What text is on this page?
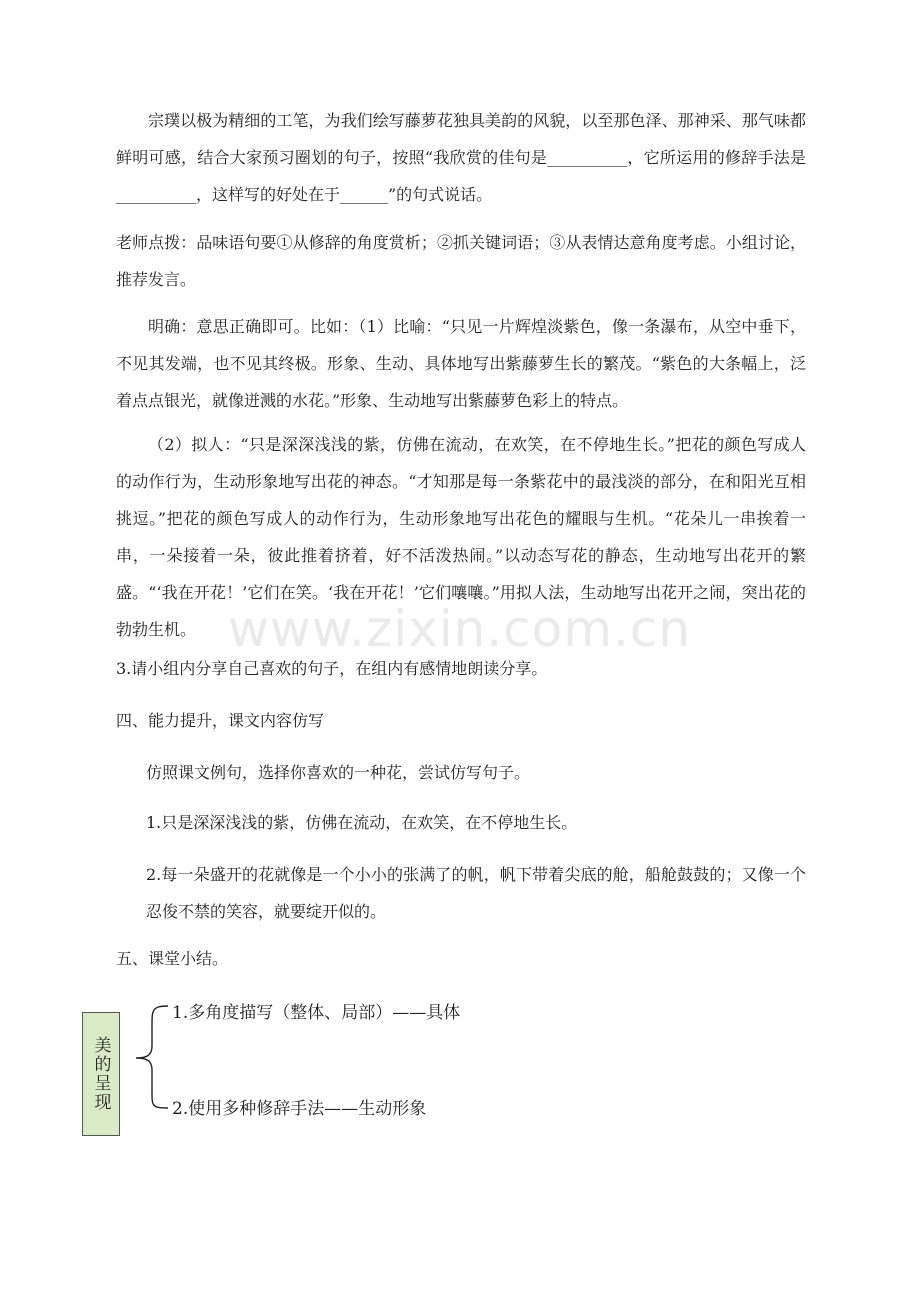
宗璞以极为精细的工笔，为我们绘写藤萝花独具美韵的风貌，以至那色泽、那神采、那气味都鲜明可感，结合大家预习圈划的句子，按照“我欣赏的佳句是__________，它所运用的修辞手法是__________，这样写的好处在于______”的句式说话。

老师点拨：品味语句要①从修辞的角度赏析；②抓关键词语；③从表情达意角度考虑。小组讨论，推荐发言。

明确：意思正确即可。比如：（1）比喻：“只见一片辉煌淡紫色，像一条瀑布，从空中垂下，不见其发端，也不见其终极。形象、生动、具体地写出紫藤萝生长的繁茂。“紫色的大条幅上，泛着点点银光，就像迸溅的水花。”形象、生动地写出紫藤萝色彩上的特点。

（2）拟人：“只是深深浅浅的紫，仿佛在流动，在欢笑，在不停地生长。”把花的颜色写成人的动作行为，生动形象地写出花的神态。“才知那是每一条紫花中的最浅淡的部分，在和阳光互相挑逗。”把花的颜色写成人的动作行为，生动形象地写出花色的耀眼与生机。“花朵儿一串挨着一串，一朵接着一朵，彼此推着挤着，好不活泼热闹。”以动态写花的静态，生动地写出花开的繁盛。“‘我在开花！’它们在笑。‘我在开花！’它们嚷嚷。”用拟人法，生动地写出花开之闹，突出花的勃勃生机。

3.请小组内分享自己喜欢的句子，在组内有感情地朗读分享。

四、能力提升，课文内容仿写

仿照课文例句，选择你喜欢的一种花，尝试仿写句子。

1.只是深深浅浅的紫，仿佛在流动，在欢笑，在不停地生长。

2.每一朵盛开的花就像是一个小小的张满了的帆，帆下带着尖底的舱，船舱鼓鼓的；又像一个忍俊不禁的笑容，就要绽开似的。

五、课堂小结。

www.zixin.com.cn
美的呈现
1.多角度描写（整体、局部）——具体
2.使用多种修辞手法——生动形象
